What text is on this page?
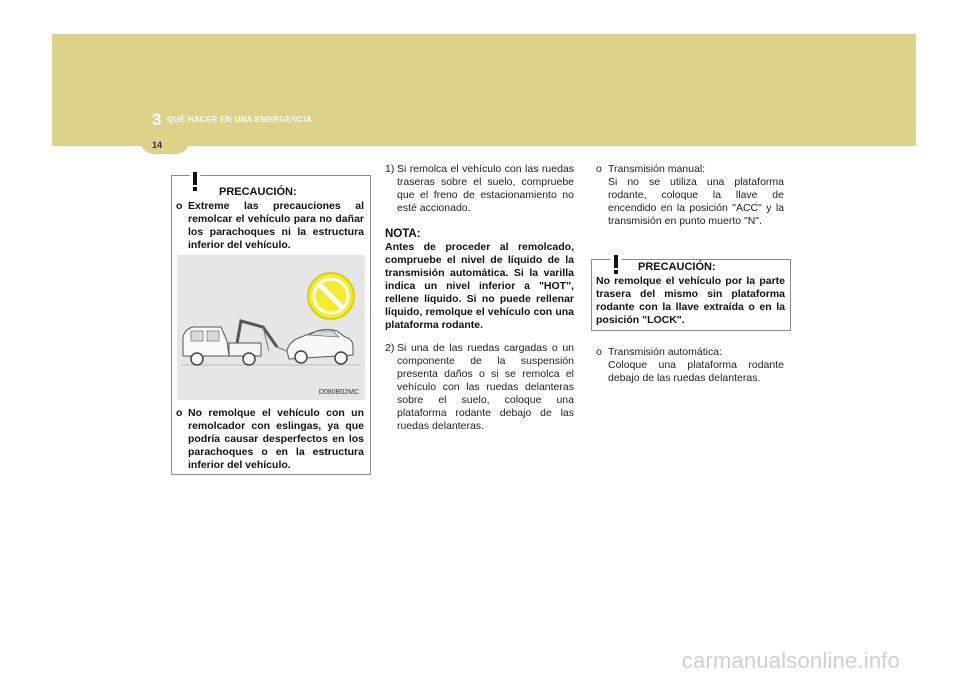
3 QUÉ HACER EN UNA EMERGENCIA
14
PRECAUCIÓN:
o Extreme las precauciones al remolcar el vehículo para no dañar los parachoques ni la estructura inferior del vehículo.
D080B02MC
o No remolque el vehículo con un remolcador con eslingas, ya que podría causar desperfectos en los parachoques o en la estructura inferior del vehículo.
1) Si remolca el vehículo con las ruedas traseras sobre el suelo, compruebe que el freno de estacionamiento no esté accionado.
NOTA:
Antes de proceder al remolcado, compruebe el nivel de líquido de la transmisión automática. Si la varilla indica un nivel inferior a "HOT", rellene líquido. Si no puede rellenar líquido, remolque el vehículo con una plataforma rodante.
2) Si una de las ruedas cargadas o un componente de la suspensión presenta daños o si se remolca el vehículo con las ruedas delanteras sobre el suelo, coloque una plataforma rodante debajo de las ruedas delanteras.
o Transmisión manual:
Si no se utiliza una plataforma rodante, coloque la llave de encendido en la posición "ACC" y la transmisión en punto muerto "N".
PRECAUCIÓN:
No remolque el vehículo por la parte trasera del mismo sin plataforma rodante con la llave extraída o en la posición "LOCK".
o Transmisión automática:
Coloque una plataforma rodante debajo de las ruedas delanteras.
carmanualsonline.info
